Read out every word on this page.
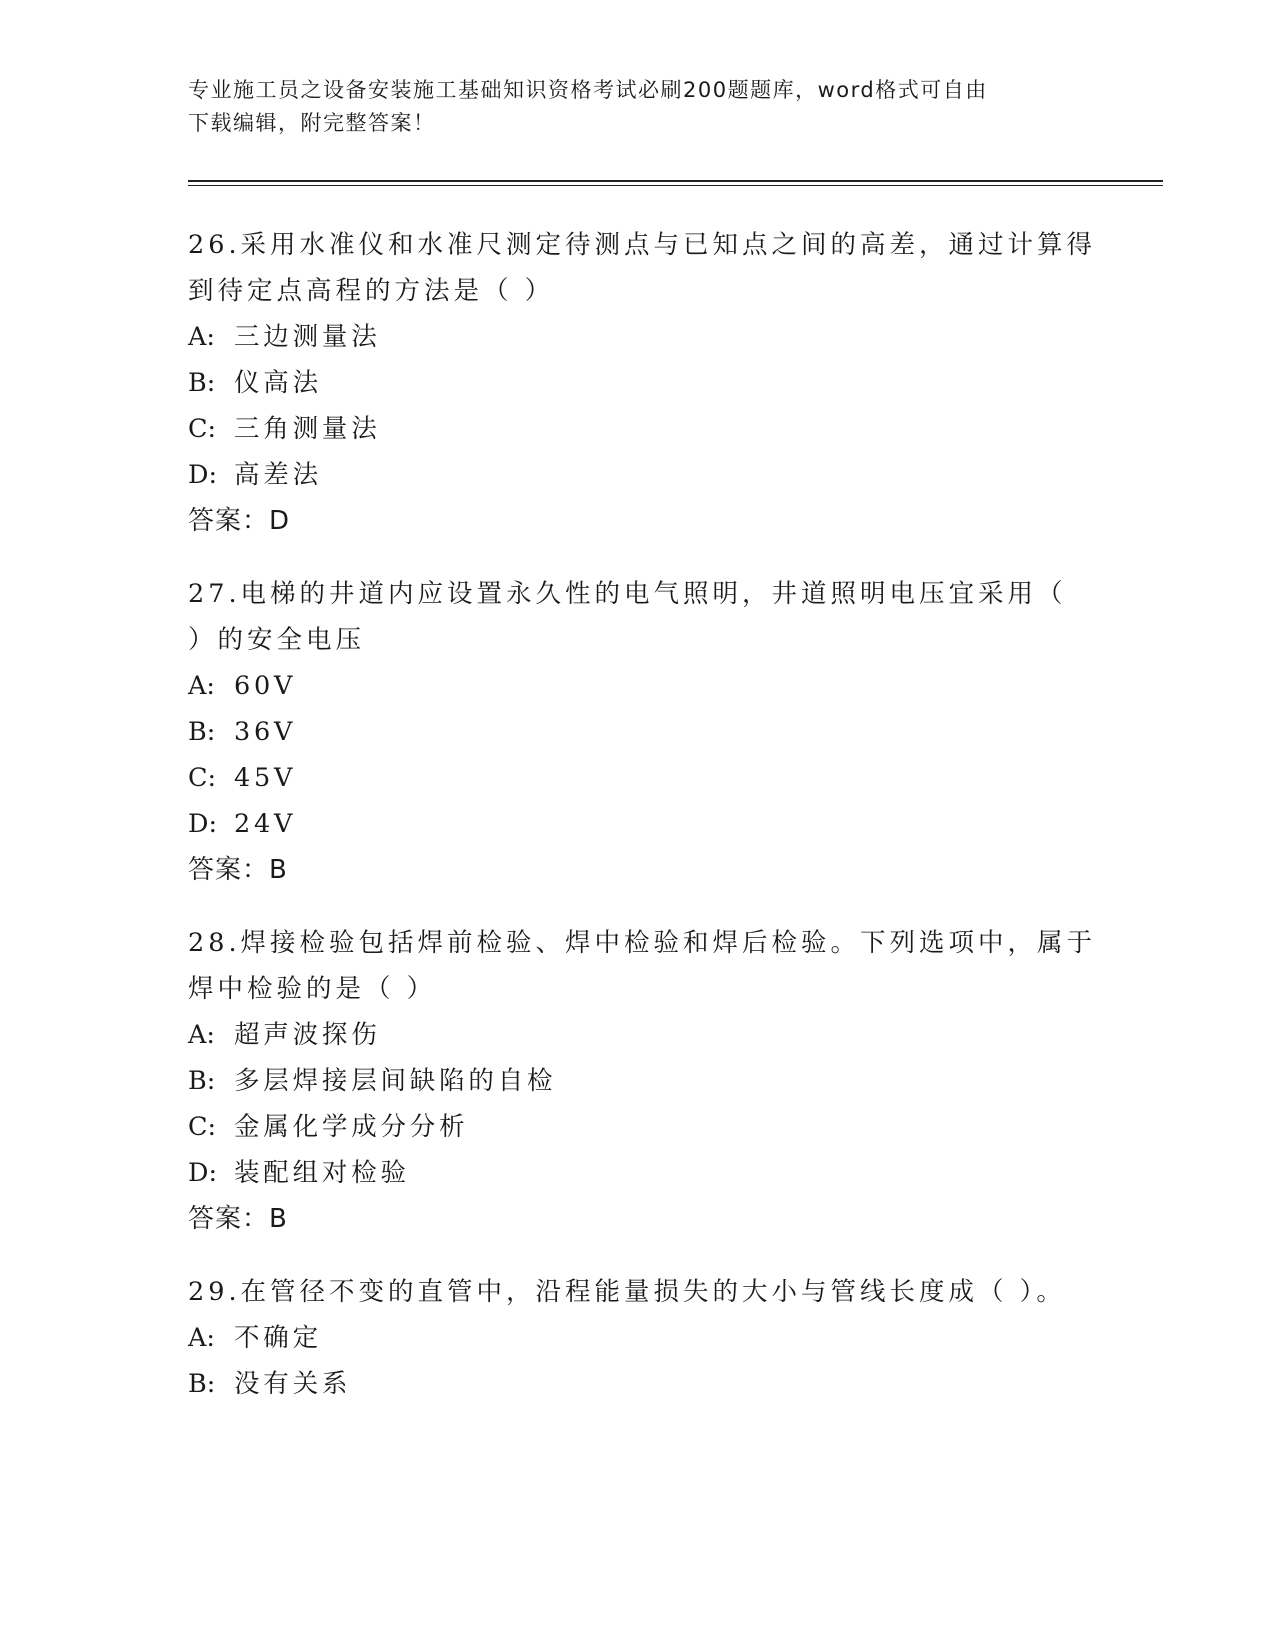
专业施工员之设备安装施工基础知识资格考试必刷200题题库，word格式可自由
下载编辑，附完整答案！
26.采用水准仪和水准尺测定待测点与已知点之间的高差，通过计算得
到待定点高程的方法是（ ）
A: 三边测量法
B: 仪高法
C: 三角测量法
D: 高差法
答案：D
27.电梯的井道内应设置永久性的电气照明，井道照明电压宜采用（
）的安全电压
A: 60V
B: 36V
C: 45V
D: 24V
答案：B
28.焊接检验包括焊前检验、焊中检验和焊后检验。下列选项中，属于
焊中检验的是（ ）
A: 超声波探伤
B: 多层焊接层间缺陷的自检
C: 金属化学成分分析
D: 装配组对检验
答案：B
29.在管径不变的直管中，沿程能量损失的大小与管线长度成（ ）。
A: 不确定
B: 没有关系
